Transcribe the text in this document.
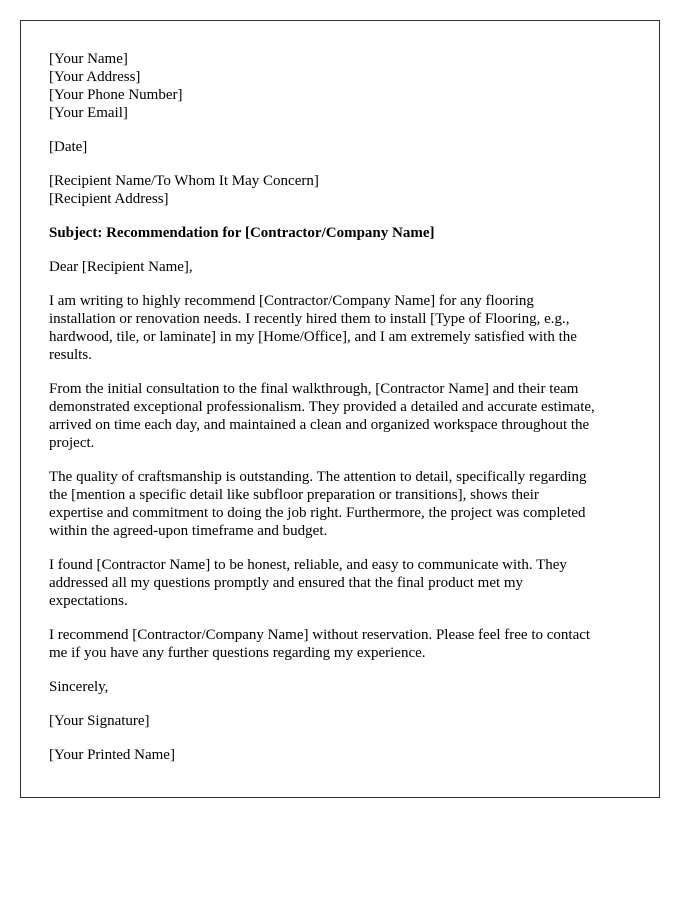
[Your Name]
[Your Address]
[Your Phone Number]
[Your Email]
[Date]
[Recipient Name/To Whom It May Concern]
[Recipient Address]
Subject: Recommendation for [Contractor/Company Name]
Dear [Recipient Name],

I am writing to highly recommend [Contractor/Company Name] for any flooring
installation or renovation needs. I recently hired them to install [Type of Flooring, e.g.,
hardwood, tile, or laminate] in my [Home/Office], and I am extremely satisfied with the
results.

From the initial consultation to the final walkthrough, [Contractor Name] and their team
demonstrated exceptional professionalism. They provided a detailed and accurate estimate,
arrived on time each day, and maintained a clean and organized workspace throughout the
project.

The quality of craftsmanship is outstanding. The attention to detail, specifically regarding
the [mention a specific detail like subfloor preparation or transitions], shows their
expertise and commitment to doing the job right. Furthermore, the project was completed
within the agreed-upon timeframe and budget.

I found [Contractor Name] to be honest, reliable, and easy to communicate with. They
addressed all my questions promptly and ensured that the final product met my
expectations.

I recommend [Contractor/Company Name] without reservation. Please feel free to contact
me if you have any further questions regarding my experience.

Sincerely,
[Your Signature]
[Your Printed Name]
